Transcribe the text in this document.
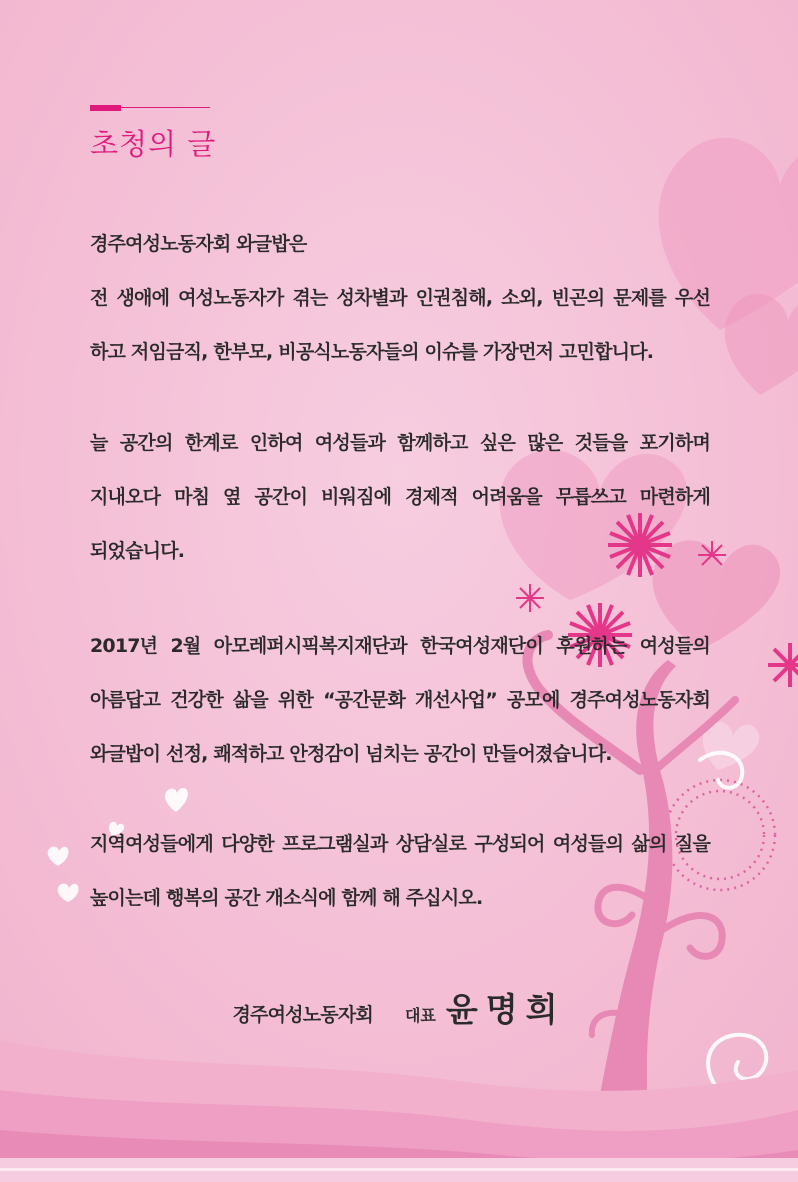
초청의 글
경주여성노동자회 와글밥은
전 생애에 여성노동자가 겪는 성차별과 인권침해, 소외, 빈곤의 문제를 우선
하고 저임금직, 한부모, 비공식노동자들의 이슈를 가장먼저 고민합니다.
늘 공간의 한계로 인하여 여성들과 함께하고 싶은 많은 것들을 포기하며
지내오다 마침 옆 공간이 비워짐에 경제적 어려움을 무릅쓰고 마련하게
되었습니다.
2017년 2월 아모레퍼시픽복지재단과 한국여성재단이 후원하는 여성들의
아름답고 건강한 삶을 위한 “공간문화 개선사업” 공모에 경주여성노동자회
와글밥이 선정, 쾌적하고 안정감이 넘치는 공간이 만들어졌습니다.
지역여성들에게 다양한 프로그램실과 상담실로 구성되어 여성들의 삶의 질을
높이는데 행복의 공간 개소식에 함께 해 주십시오.
경주여성노동자회 대표 윤명희
